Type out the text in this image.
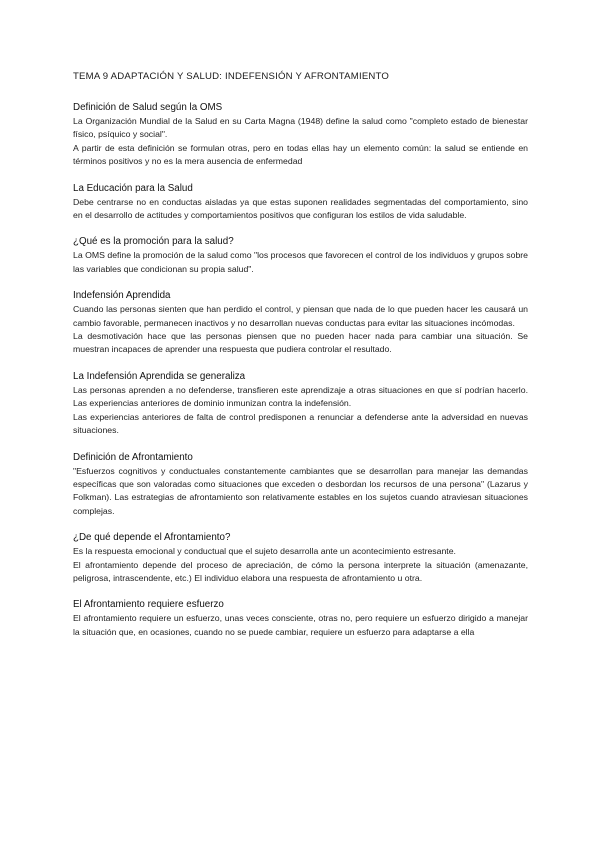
TEMA 9 ADAPTACIÓN Y SALUD: INDEFENSIÓN Y AFRONTAMIENTO
Definición de Salud según la OMS

La Organización Mundial de la Salud en su Carta Magna (1948) define la salud como "completo estado de bienestar físico, psíquico y social".

A partir de esta definición se formulan otras, pero en todas ellas hay un elemento común: la salud se entiende en términos positivos y no es la mera ausencia de enfermedad

La Educación para la Salud

Debe centrarse no en conductas aisladas ya que estas suponen realidades segmentadas del comportamiento, sino en el desarrollo de actitudes y comportamientos positivos que configuran los estilos de vida saludable.

¿Qué es la promoción para la salud?

La OMS define la promoción de la salud como "los procesos que favorecen el control de los individuos y grupos sobre las variables que condicionan su propia salud".

Indefensión Aprendida

Cuando las personas sienten que han perdido el control, y piensan que nada de lo que pueden hacer les causará un cambio favorable, permanecen inactivos y no desarrollan nuevas conductas para evitar las situaciones incómodas.

La desmotivación hace que las personas piensen que no pueden hacer nada para cambiar una situación. Se muestran incapaces de aprender una respuesta que pudiera controlar el resultado.

La Indefensión Aprendida se generaliza

Las personas aprenden a no defenderse, transfieren este aprendizaje a otras situaciones en que sí podrían hacerlo. Las experiencias anteriores de dominio inmunizan contra la indefensión.

Las experiencias anteriores de falta de control predisponen a renunciar a defenderse ante la adversidad en nuevas situaciones.

Definición de Afrontamiento

"Esfuerzos cognitivos y conductuales constantemente cambiantes que se desarrollan para manejar las demandas específicas que son valoradas como situaciones que exceden o desbordan los recursos de una persona" (Lazarus y Folkman). Las estrategias de afrontamiento son relativamente estables en los sujetos cuando atraviesan situaciones complejas.

¿De qué depende el Afrontamiento?

Es la respuesta emocional y conductual que el sujeto desarrolla ante un acontecimiento estresante.

El afrontamiento depende del proceso de apreciación, de cómo la persona interprete la situación (amenazante, peligrosa, intrascendente, etc.) El individuo elabora una respuesta de afrontamiento u otra.

El Afrontamiento requiere esfuerzo

El afrontamiento requiere un esfuerzo, unas veces consciente, otras no, pero requiere un esfuerzo dirigido a manejar la situación que, en ocasiones, cuando no se puede cambiar, requiere un esfuerzo para adaptarse a ella
